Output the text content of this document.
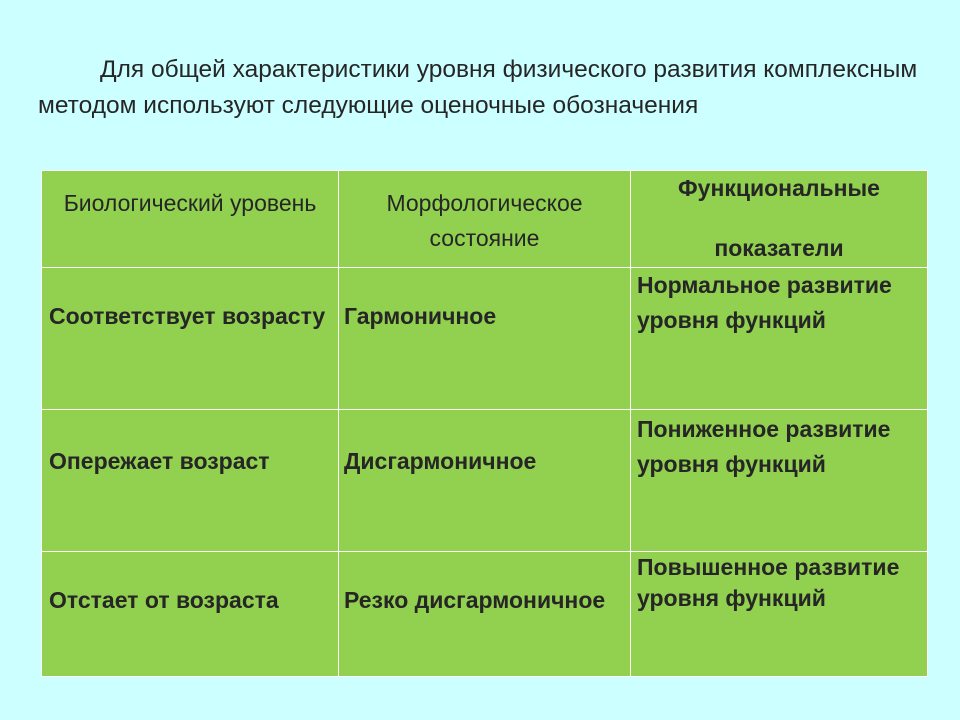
Для общей характеристики уровня физического развития комплексным методом используют следующие оценочные обозначения

Биологический уровень	Морфологическое состояние	Функциональные
показатели

Соответствует возрасту	Гармоничное	Нормальное развитие уровня функций
Опережает возраст	Дисгармоничное	Пониженное развитие уровня функций
Отстает от возраста	Резко дисгармоничное	Повышенное развитие уровня функций
